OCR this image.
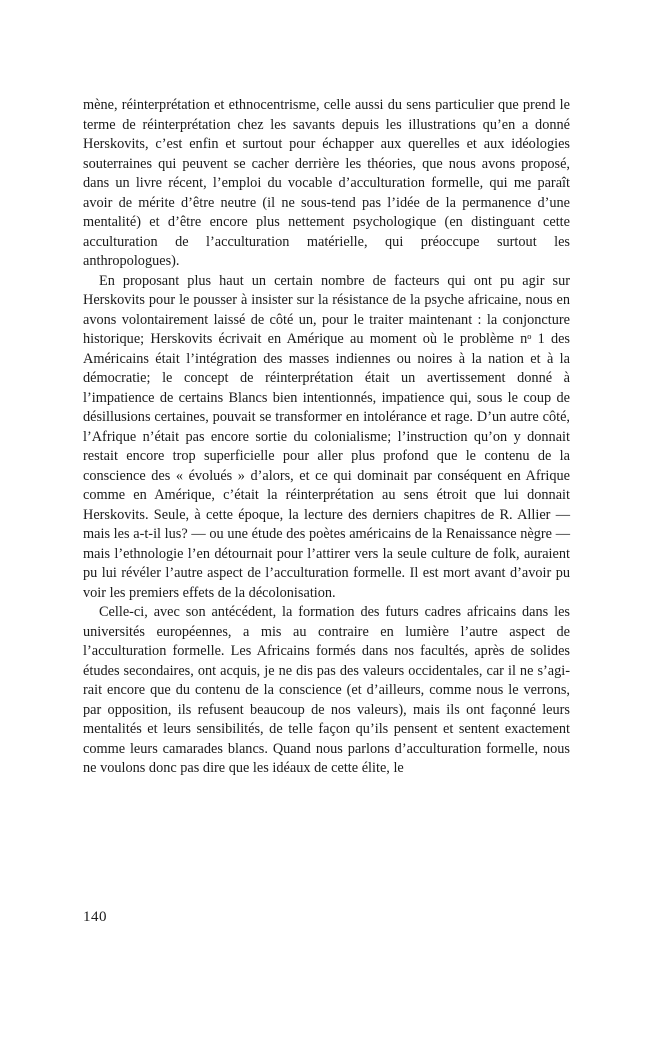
mène, réinterprétation et ethnocentrisme, celle aussi du sens particulier que prend le terme de réinterprétation chez les savants depuis les illustrations qu’en a donné Herskovits, c’est enfin et surtout pour échapper aux querelles et aux idéologies souterraines qui peuvent se cacher derrière les théories, que nous avons proposé, dans un livre récent, l’emploi du vocable d’acculturation formelle, qui me paraît avoir de mérite d’être neutre (il ne sous-tend pas l’idée de la permanence d’une mentalité) et d’être encore plus nettement psychologique (en distinguant cette acculturation de l’acculturation matérielle, qui préoccupe surtout les anthropologues).

En proposant plus haut un certain nombre de facteurs qui ont pu agir sur Herskovits pour le pousser à insister sur la résistance de la psyche africaine, nous en avons volontairement laissé de côté un, pour le traiter maintenant : la conjoncture historique; Herskovits écrivait en Amérique au moment où le problème nᵒ 1 des Américains était l’intégration des masses indiennes ou noires à la nation et à la démocratie; le concept de réinterprétation était un avertissement donné à l’impatience de certains Blancs bien intentionnés, impatience qui, sous le coup de désillusions certaines, pouvait se transformer en intolérance et rage. D’un autre côté, l’Afrique n’était pas encore sortie du colonialisme; l’instruction qu’on y donnait restait encore trop superficielle pour aller plus profond que le contenu de la conscience des « évolués » d’alors, et ce qui dominait par conséquent en Afrique comme en Amérique, c’était la réinterprétation au sens étroit que lui donnait Herskovits. Seule, à cette époque, la lecture des derniers chapitres de R. Allier — mais les a-t-il lus? — ou une étude des poètes américains de la Renaissance nègre — mais l’ethnologie l’en détournait pour l’attirer vers la seule culture de folk, auraient pu lui révéler l’autre aspect de l’acculturation formelle. Il est mort avant d’avoir pu voir les premiers effets de la décolonisation.

Celle-ci, avec son antécédent, la formation des futurs cadres africains dans les universités européennes, a mis au contraire en lumière l’autre aspect de l’acculturation formelle. Les Africains formés dans nos facultés, après de solides études secondaires, ont acquis, je ne dis pas des valeurs occidentales, car il ne s’agirait encore que du contenu de la conscience (et d’ailleurs, comme nous le verrons, par opposition, ils refusent beaucoup de nos valeurs), mais ils ont façonné leurs mentalités et leurs sensibilités, de telle façon qu’ils pensent et sentent exactement comme leurs camarades blancs. Quand nous parlons d’acculturation formelle, nous ne voulons donc pas dire que les idéaux de cette élite, le

140
